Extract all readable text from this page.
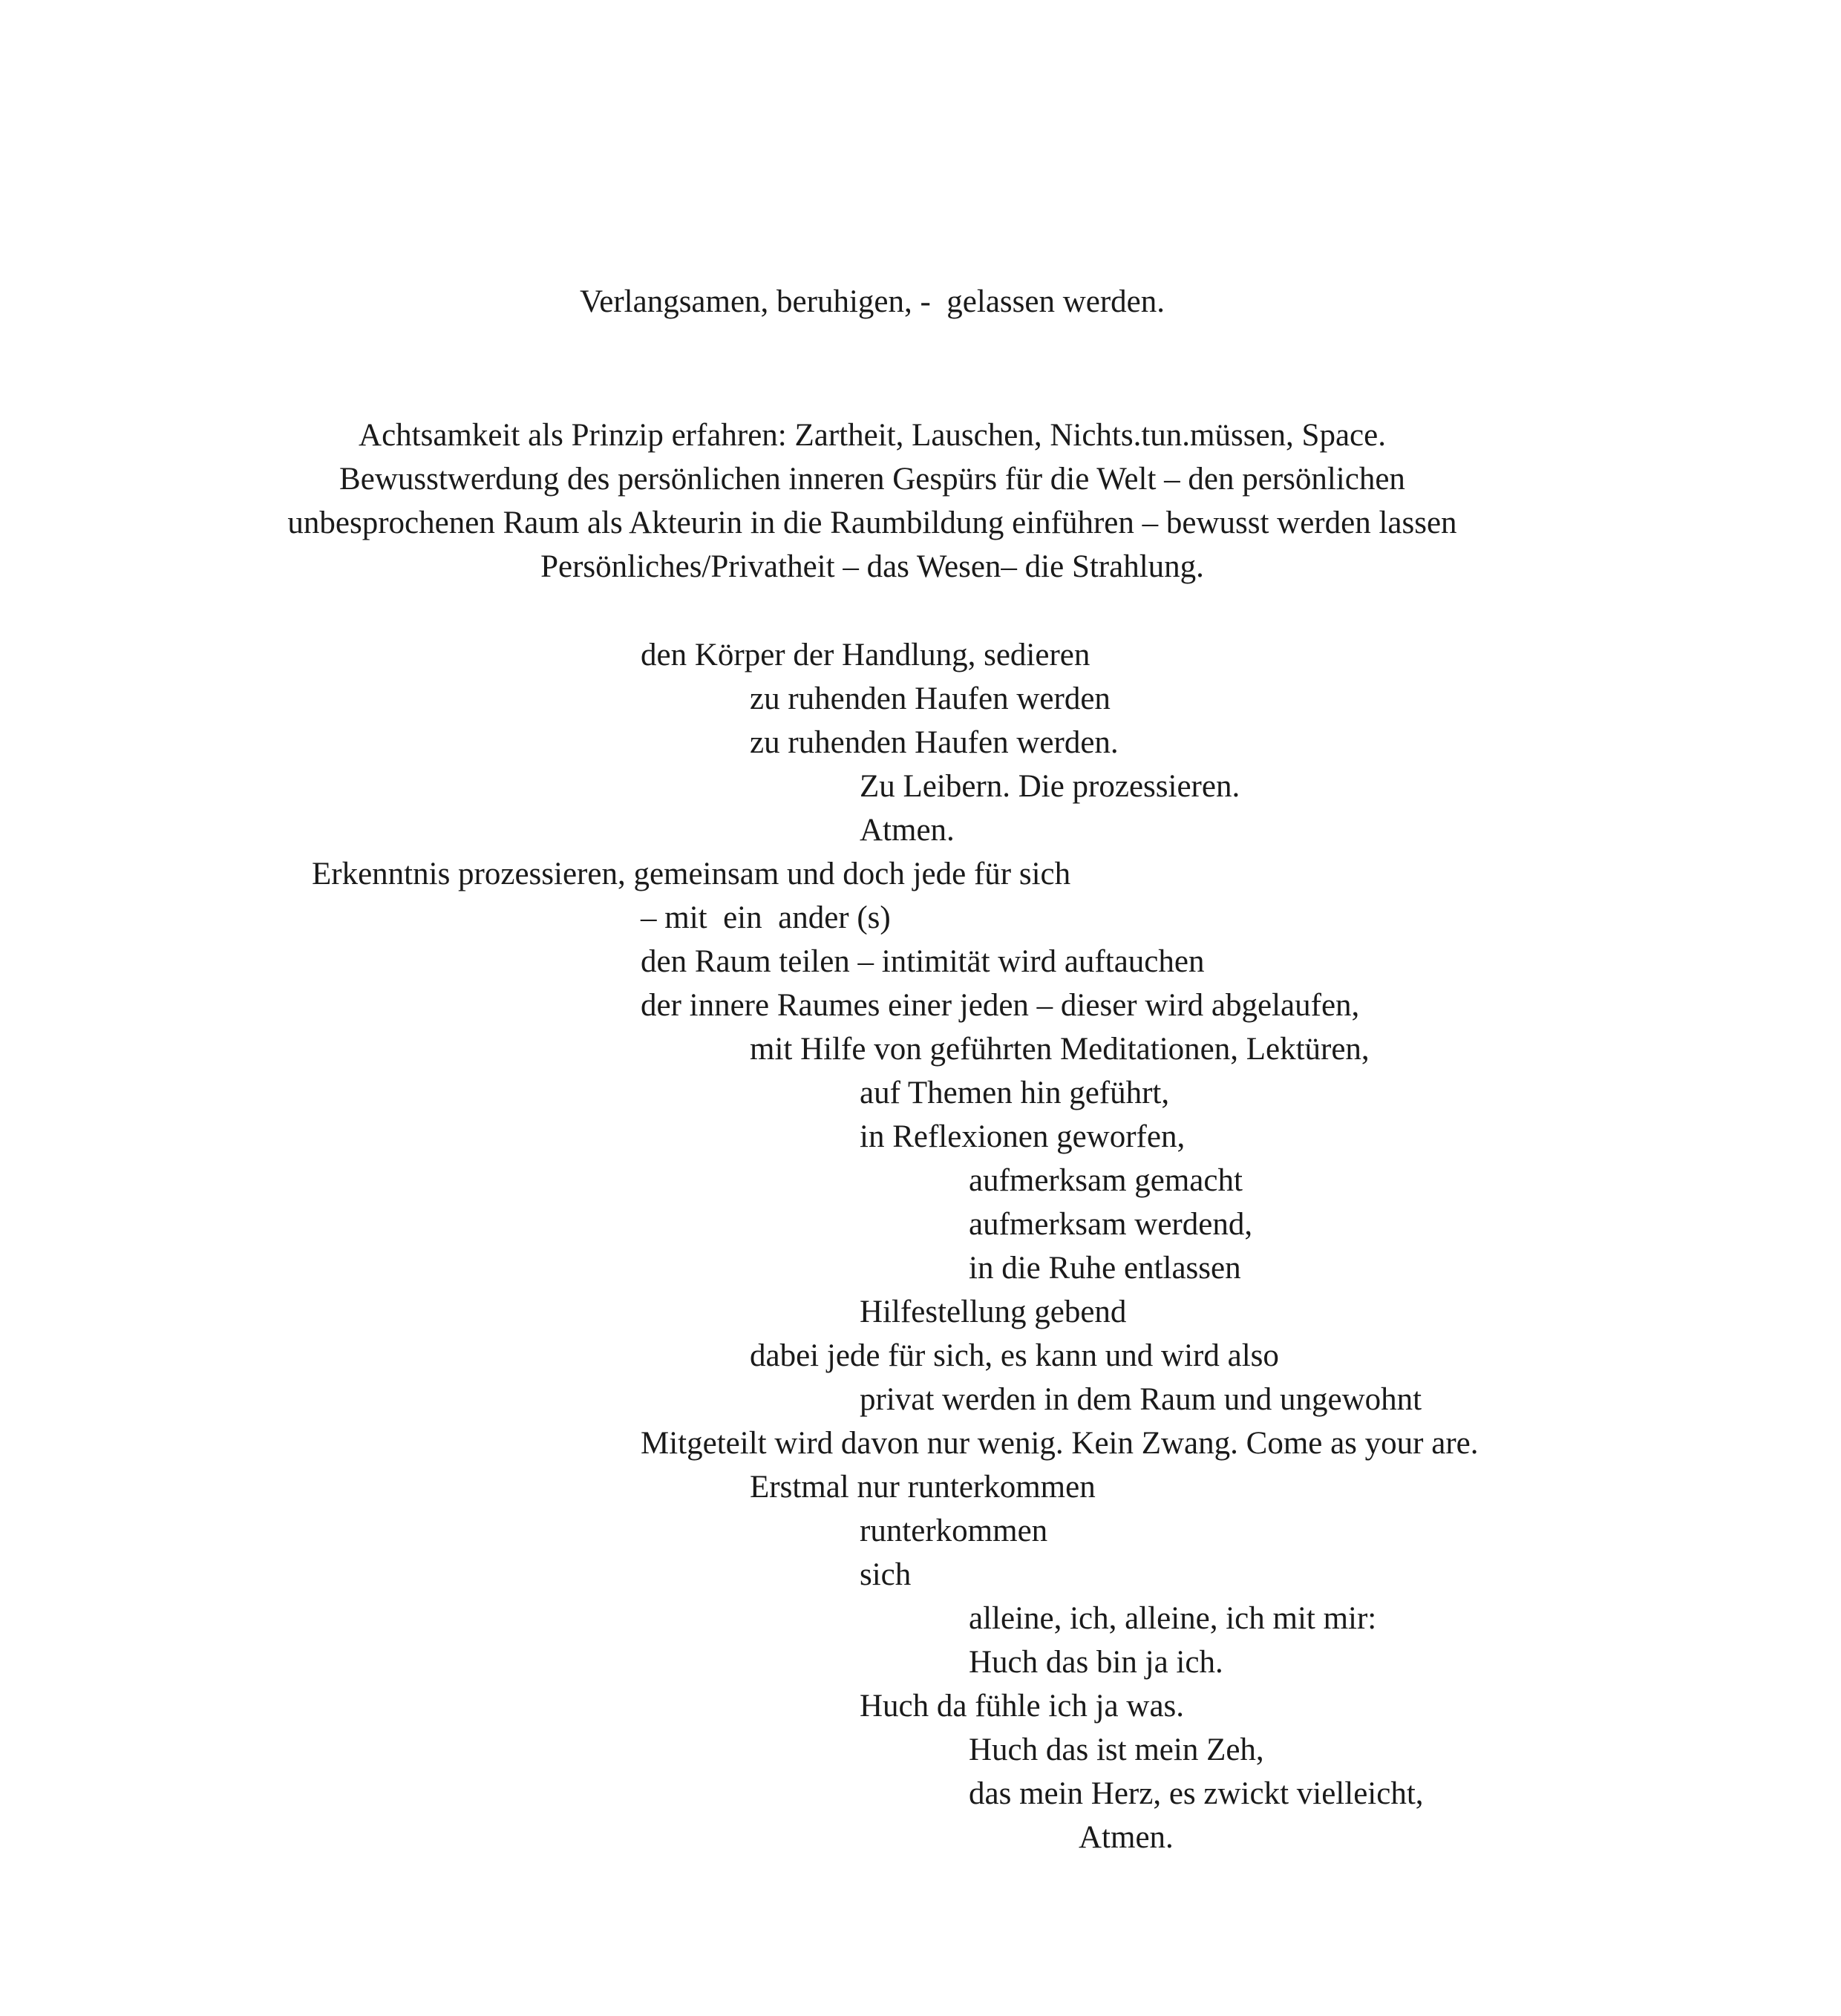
Verlangsamen, beruhigen, -  gelassen werden.
Achtsamkeit als Prinzip erfahren: Zartheit, Lauschen, Nichts.tun.müssen, Space.
Bewusstwerdung des persönlichen inneren Gespürs für die Welt – den persönlichen
unbesprochenen Raum als Akteurin in die Raumbildung einführen – bewusst werden lassen
Persönliches/Privatheit – das Wesen– die Strahlung.
den Körper der Handlung, sedieren
zu ruhenden Haufen werden
zu ruhenden Haufen werden.
Zu Leibern. Die prozessieren.
Atmen.
Erkenntnis prozessieren, gemeinsam und doch jede für sich
– mit  ein  ander (s)
den Raum teilen – intimität wird auftauchen
der innere Raumes einer jeden – dieser wird abgelaufen,
mit Hilfe von geführten Meditationen, Lektüren,
auf Themen hin geführt,
in Reflexionen geworfen,
aufmerksam gemacht
aufmerksam werdend,
in die Ruhe entlassen
Hilfestellung gebend
dabei jede für sich, es kann und wird also
privat werden in dem Raum und ungewohnt
Mitgeteilt wird davon nur wenig. Kein Zwang. Come as your are.
Erstmal nur runterkommen
runterkommen
sich
alleine, ich, alleine, ich mit mir:
Huch das bin ja ich.
Huch da fühle ich ja was.
Huch das ist mein Zeh,
das mein Herz, es zwickt vielleicht,
Atmen.
